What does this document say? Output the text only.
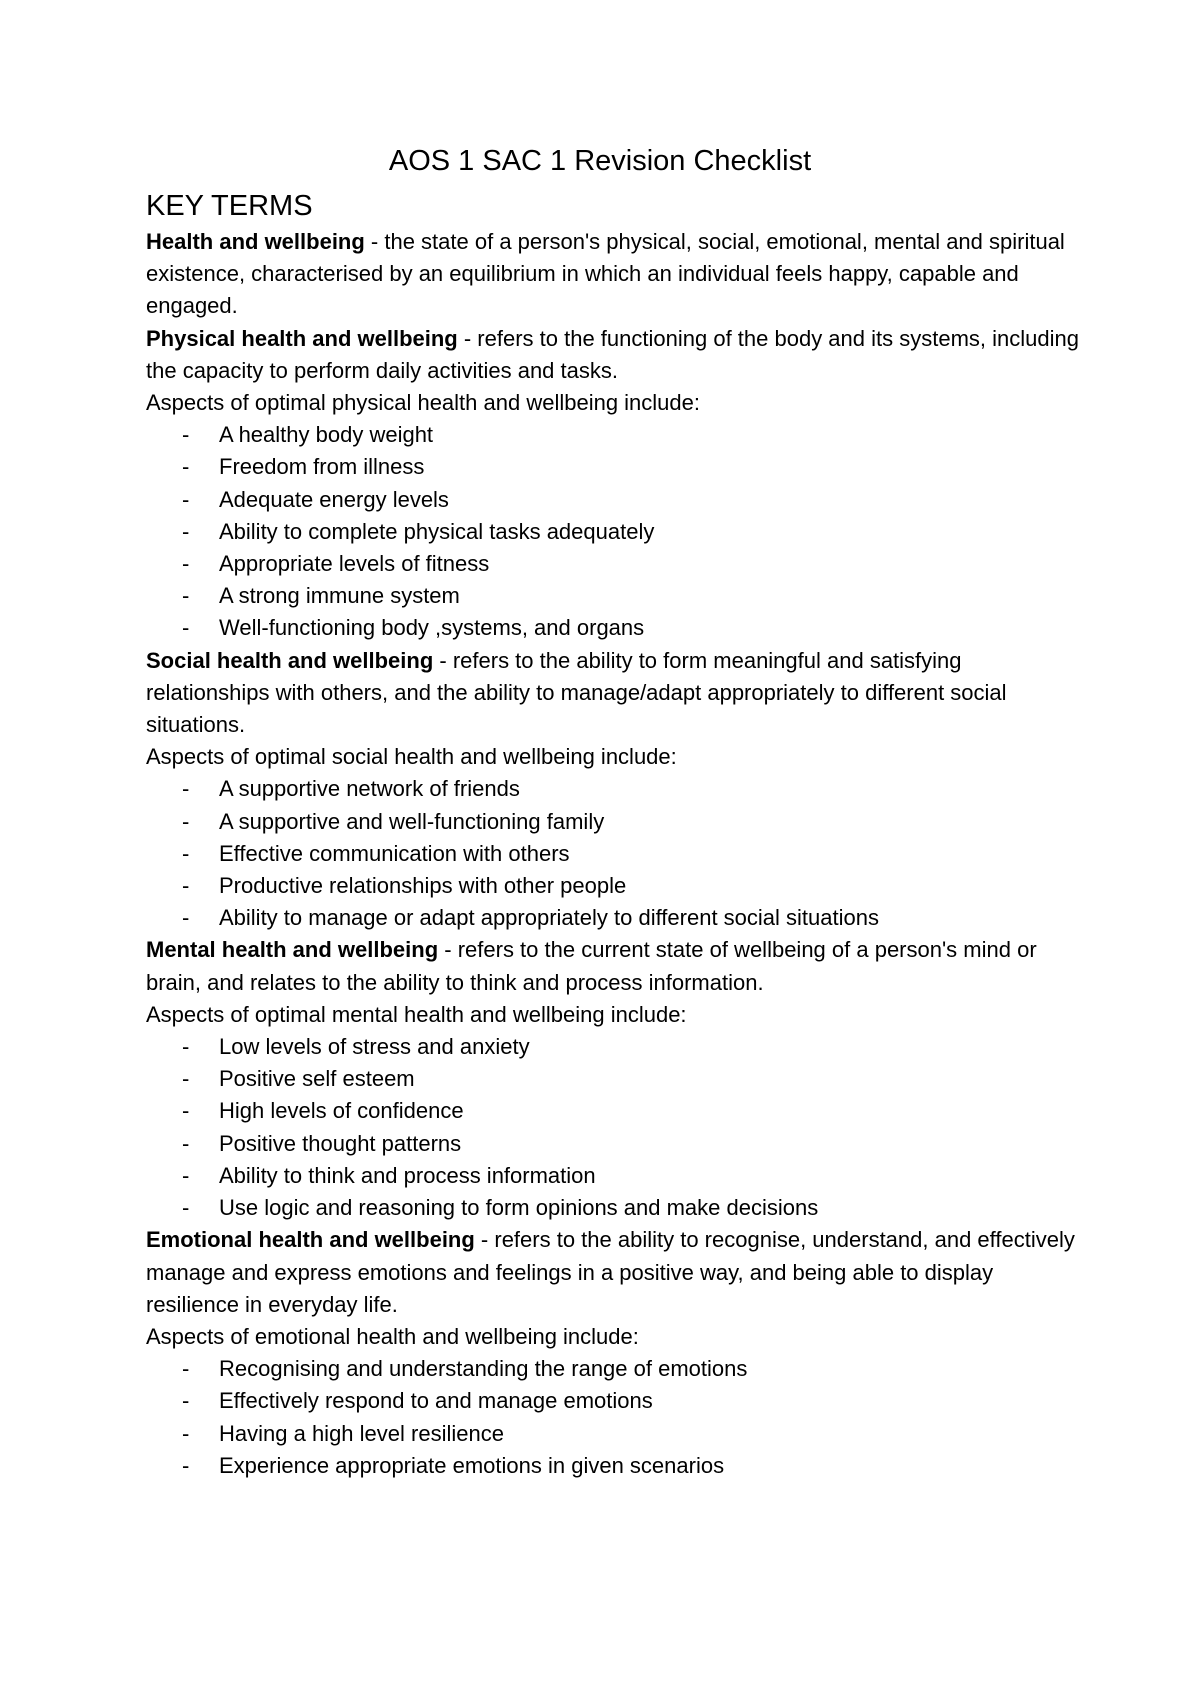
AOS 1 SAC 1 Revision Checklist
KEY TERMS

Health and wellbeing - the state of a person's physical, social, emotional, mental and spiritual existence, characterised by an equilibrium in which an individual feels happy, capable and engaged.

Physical health and wellbeing - refers to the functioning of the body and its systems, including the capacity to perform daily activities and tasks.

Aspects of optimal physical health and wellbeing include:

- A healthy body weight
- Freedom from illness
- Adequate energy levels
- Ability to complete physical tasks adequately
- Appropriate levels of fitness
- A strong immune system
- Well-functioning body ,systems, and organs

Social health and wellbeing - refers to the ability to form meaningful and satisfying relationships with others, and the ability to manage/adapt appropriately to different social situations.

Aspects of optimal social health and wellbeing include:

- A supportive network of friends
- A supportive and well-functioning family
- Effective communication with others
- Productive relationships with other people
- Ability to manage or adapt appropriately to different social situations

Mental health and wellbeing - refers to the current state of wellbeing of a person's mind or brain, and relates to the ability to think and process information.

Aspects of optimal mental health and wellbeing include:

- Low levels of stress and anxiety
- Positive self esteem
- High levels of confidence
- Positive thought patterns
- Ability to think and process information
- Use logic and reasoning to form opinions and make decisions

Emotional health and wellbeing - refers to the ability to recognise, understand, and effectively manage and express emotions and feelings in a positive way, and being able to display resilience in everyday life.

Aspects of emotional health and wellbeing include:

- Recognising and understanding the range of emotions
- Effectively respond to and manage emotions
- Having a high level resilience
- Experience appropriate emotions in given scenarios
